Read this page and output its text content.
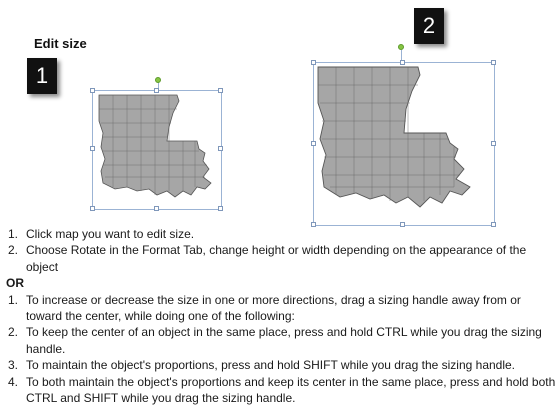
Edit size
1
2
1. Click map you want to edit size.
2. Choose Rotate in the Format Tab, change height or width depending on the appearance of the object
OR
1. To increase or decrease the size in one or more directions, drag a sizing handle away from or toward the center, while doing one of the following:
2. To keep the center of an object in the same place, press and hold CTRL while you drag the sizing handle.
3. To maintain the object's proportions, press and hold SHIFT while you drag the sizing handle.
4. To both maintain the object's proportions and keep its center in the same place, press and hold both CTRL and SHIFT while you drag the sizing handle.
